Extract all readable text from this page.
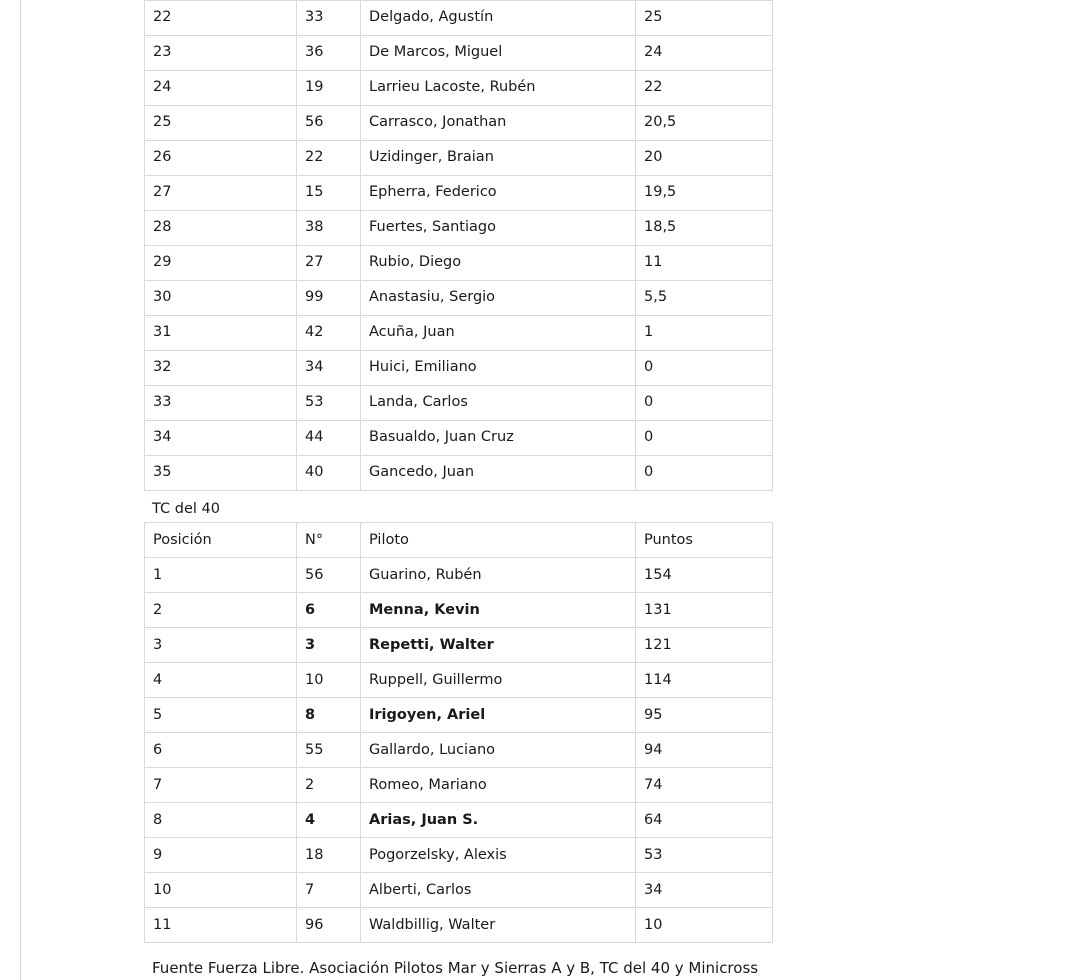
22	33	Delgado, Agustín	25
23	36	De Marcos, Miguel	24
24	19	Larrieu Lacoste, Rubén	22
25	56	Carrasco, Jonathan	20,5
26	22	Uzidinger, Braian	20
27	15	Epherra, Federico	19,5
28	38	Fuertes, Santiago	18,5
29	27	Rubio, Diego	11
30	99	Anastasiu, Sergio	5,5
31	42	Acuña, Juan	1
32	34	Huici, Emiliano	0
33	53	Landa, Carlos	0
34	44	Basualdo, Juan Cruz	0
35	40	Gancedo, Juan	0
TC del 40
Posición	N°	Piloto	Puntos
1	56	Guarino, Rubén	154
2	6	Menna, Kevin	131
3	3	Repetti, Walter	121
4	10	Ruppell, Guillermo	114
5	8	Irigoyen, Ariel	95
6	55	Gallardo, Luciano	94
7	2	Romeo, Mariano	74
8	4	Arias, Juan S.	64
9	18	Pogorzelsky, Alexis	53
10	7	Alberti, Carlos	34
11	96	Waldbillig, Walter	10
Fuente Fuerza Libre. Asociación Pilotos Mar y Sierras A y B, TC del 40 y Minicross
